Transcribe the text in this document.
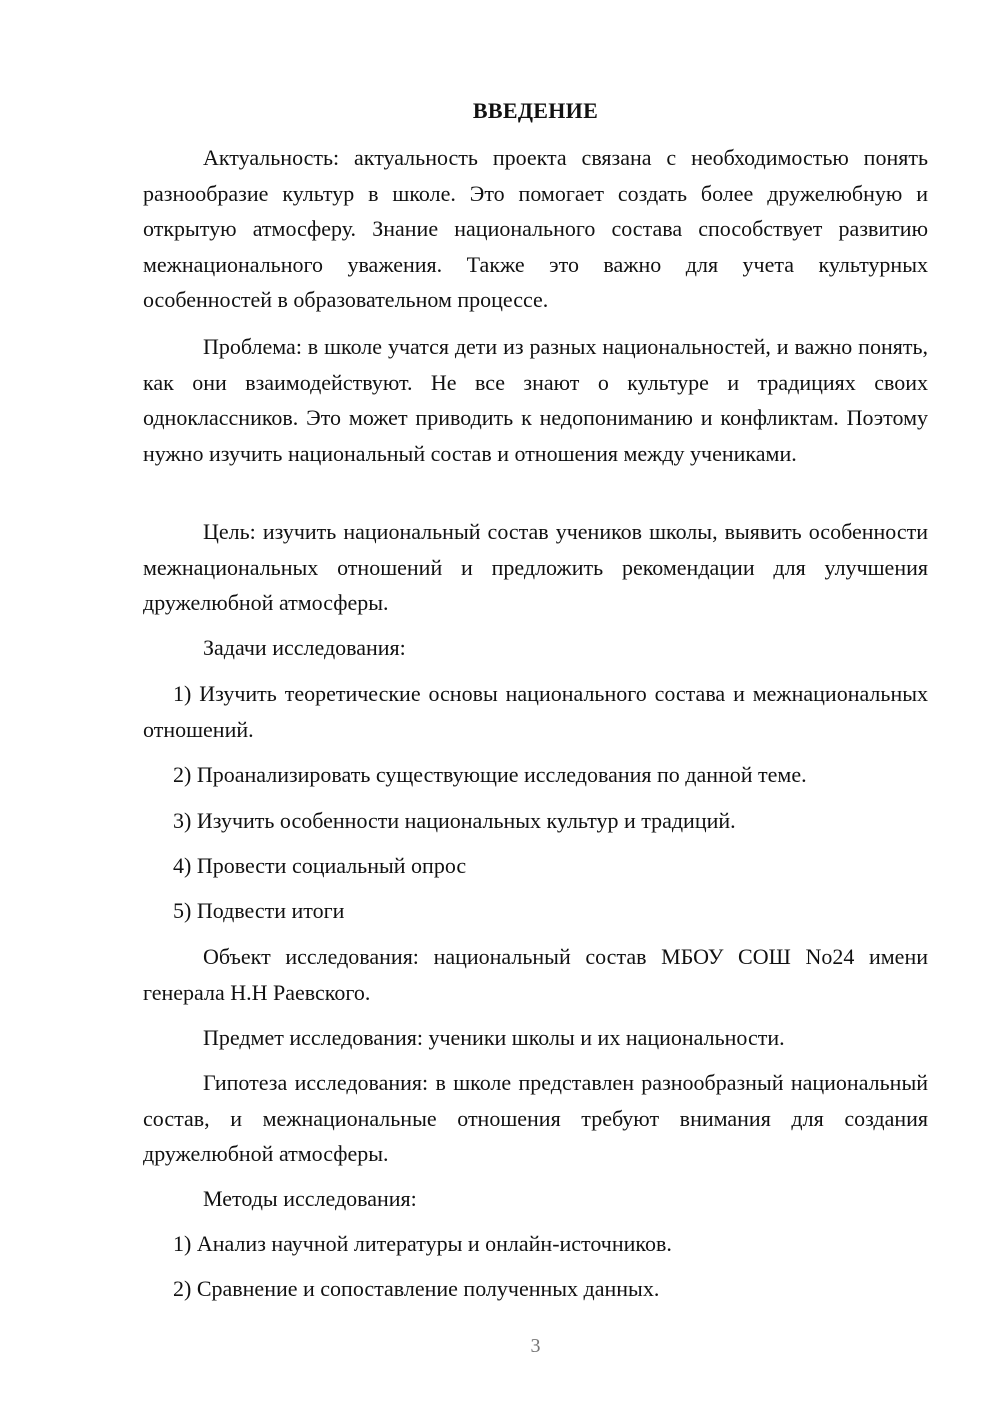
ВВЕДЕНИЕ

Актуальность: актуальность проекта связана с необходимостью понять разнообразие культур в школе. Это помогает создать более дружелюбную и открытую атмосферу. Знание национального состава способствует развитию межнационального уважения. Также это важно для учета культурных особенностей в образовательном процессе.

Проблема: в школе учатся дети из разных национальностей, и важно понять, как они взаимодействуют. Не все знают о культуре и традициях своих одноклассников. Это может приводить к недопониманию и конфликтам. Поэтому нужно изучить национальный состав и отношения между учениками.

Цель: изучить национальный состав учеников школы, выявить особенности межнациональных отношений и предложить рекомендации для улучшения дружелюбной атмосферы.

Задачи исследования:

1) Изучить теоретические основы национального состава и межнациональных отношений.

2) Проанализировать существующие исследования по данной теме.

3) Изучить особенности национальных культур и традиций.

4) Провести социальный опрос

5) Подвести итоги

Объект исследования: национальный состав МБОУ СОШ No24 имени генерала Н.Н Раевского.

Предмет исследования: ученики школы и их национальности.

Гипотеза исследования: в школе представлен разнообразный национальный состав, и межнациональные отношения требуют внимания для создания дружелюбной атмосферы.

Методы исследования:

1) Анализ научной литературы и онлайн-источников.

2) Сравнение и сопоставление полученных данных.

3
